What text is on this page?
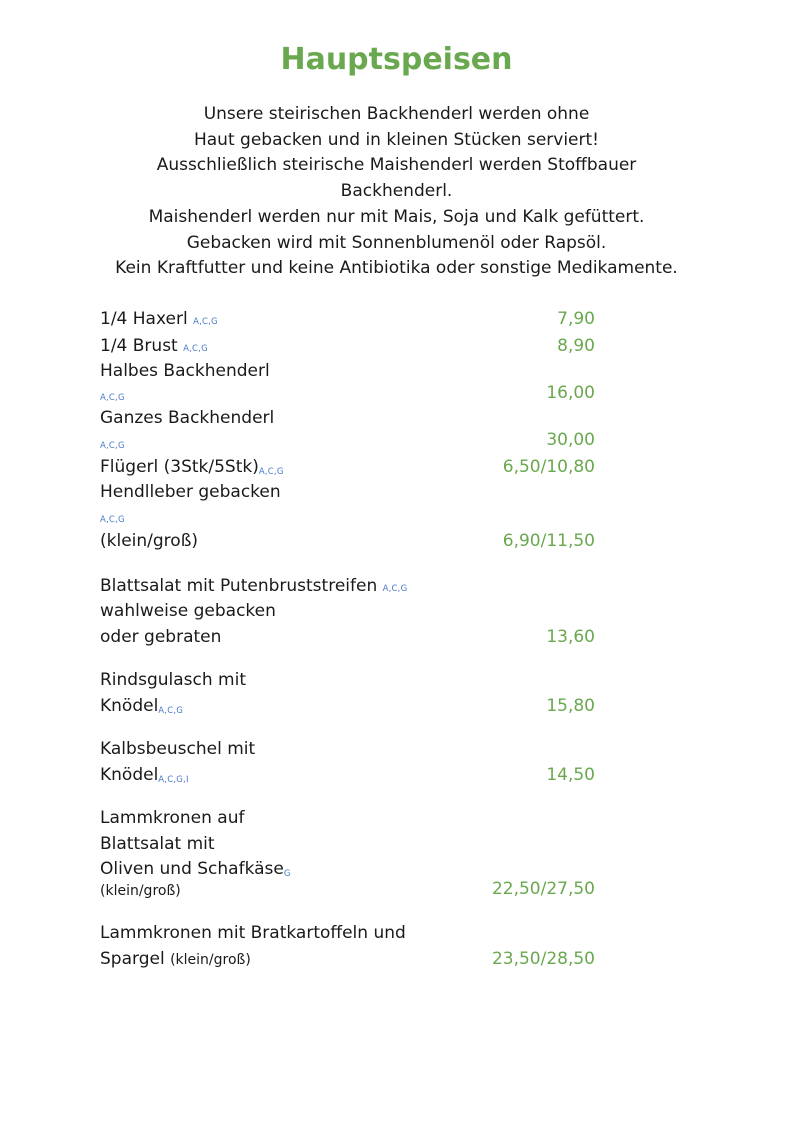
Hauptspeisen
Unsere steirischen Backhenderl werden ohne
Haut gebacken und in kleinen Stücken serviert!
Ausschließlich steirische Maishenderl werden Stoffbauer
Backhenderl.
Maishenderl werden nur mit Mais, Soja und Kalk gefüttert.
Gebacken wird mit Sonnenblumenöl oder Rapsöl.
Kein Kraftfutter und keine Antibiotika oder sonstige Medikamente.
1/4 Haxerl A,C,G	7,90
1/4 Brust A,C,G	8,90
Halbes Backhenderl
A,C,G	16,00
Ganzes Backhenderl
A,C,G	30,00
Flügerl $(3Stk/5Stk)_{A,C,G}$	6,50/10,80
Hendlleber gebacken
A,C,G
(klein/groß)	6,90/11,50
Blattsalat mit Putenbruststreifen A,C,G
wahlweise gebacken
oder gebraten	13,60
Rindsgulasch mit
Knödel$_{A,C,G}$	15,80
Kalbsbeuschel mit
Knödel$_{A,C,G,I}$	14,50
Lammkronen auf
Blattsalat mit
Oliven und Schafkäse$_G$
(klein/groß)	22,50/27,50
Lammkronen mit Bratkartoffeln und
Spargel (klein/groß)	23,50/28,50
